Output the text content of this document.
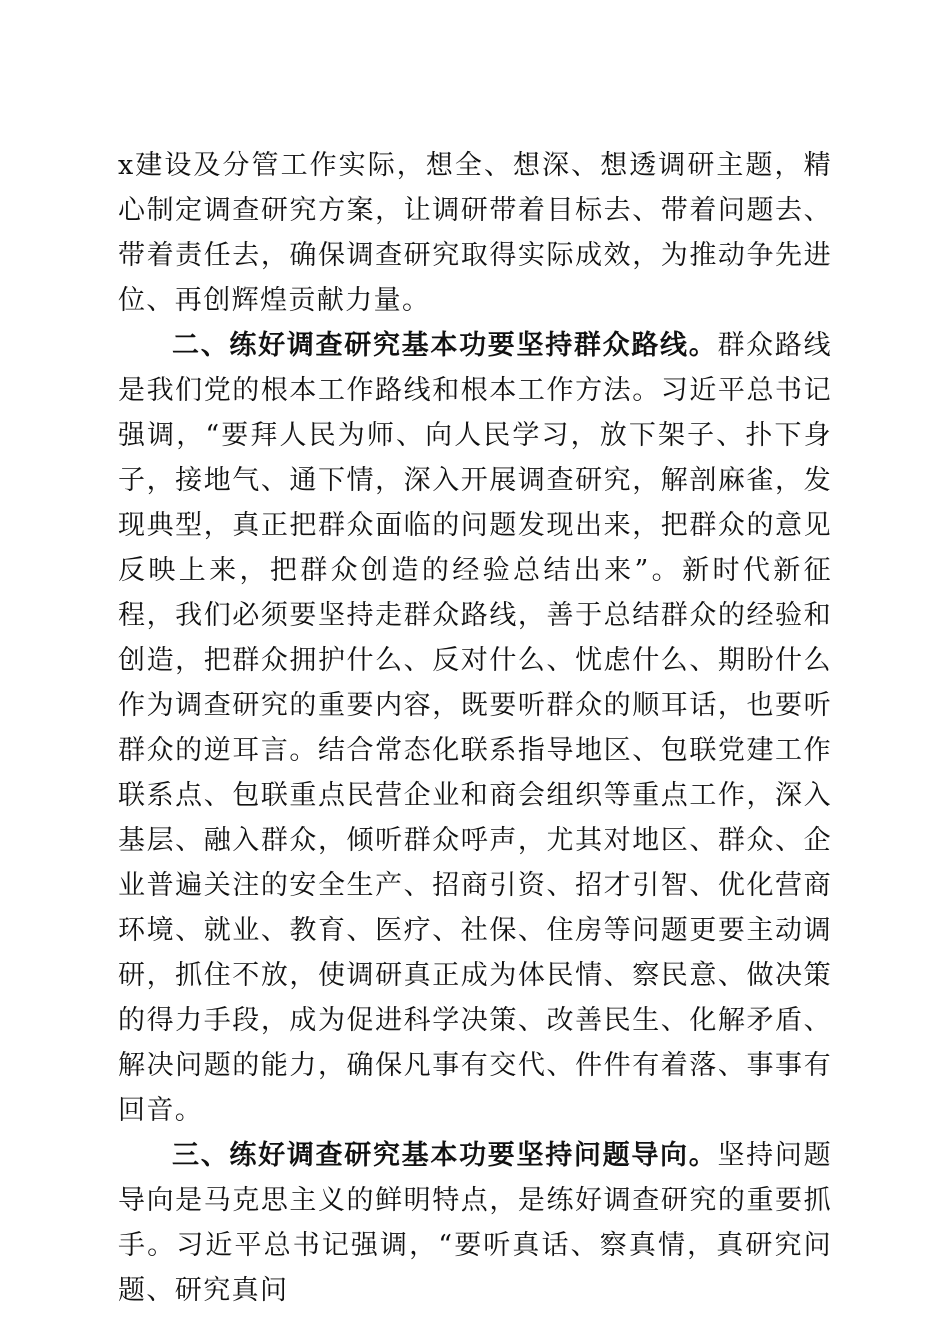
x建设及分管工作实际，想全、想深、想透调研主题，精心制定调查研究方案，让调研带着目标去、带着问题去、带着责任去，确保调查研究取得实际成效，为推动争先进位、再创辉煌贡献力量。

二、练好调查研究基本功要坚持群众路线。群众路线是我们党的根本工作路线和根本工作方法。习近平总书记强调，“要拜人民为师、向人民学习，放下架子、扑下身子，接地气、通下情，深入开展调查研究，解剖麻雀，发现典型，真正把群众面临的问题发现出来，把群众的意见反映上来，把群众创造的经验总结出来”。新时代新征程，我们必须要坚持走群众路线，善于总结群众的经验和创造，把群众拥护什么、反对什么、忧虑什么、期盼什么作为调查研究的重要内容，既要听群众的顺耳话，也要听群众的逆耳言。结合常态化联系指导地区、包联党建工作联系点、包联重点民营企业和商会组织等重点工作，深入基层、融入群众，倾听群众呼声，尤其对地区、群众、企业普遍关注的安全生产、招商引资、招才引智、优化营商环境、就业、教育、医疗、社保、住房等问题更要主动调研，抓住不放，使调研真正成为体民情、察民意、做决策的得力手段，成为促进科学决策、改善民生、化解矛盾、解决问题的能力，确保凡事有交代、件件有着落、事事有回音。

三、练好调查研究基本功要坚持问题导向。坚持问题导向是马克思主义的鲜明特点，是练好调查研究的重要抓手。习近平总书记强调，“要听真话、察真情，真研究问题、研究真问
